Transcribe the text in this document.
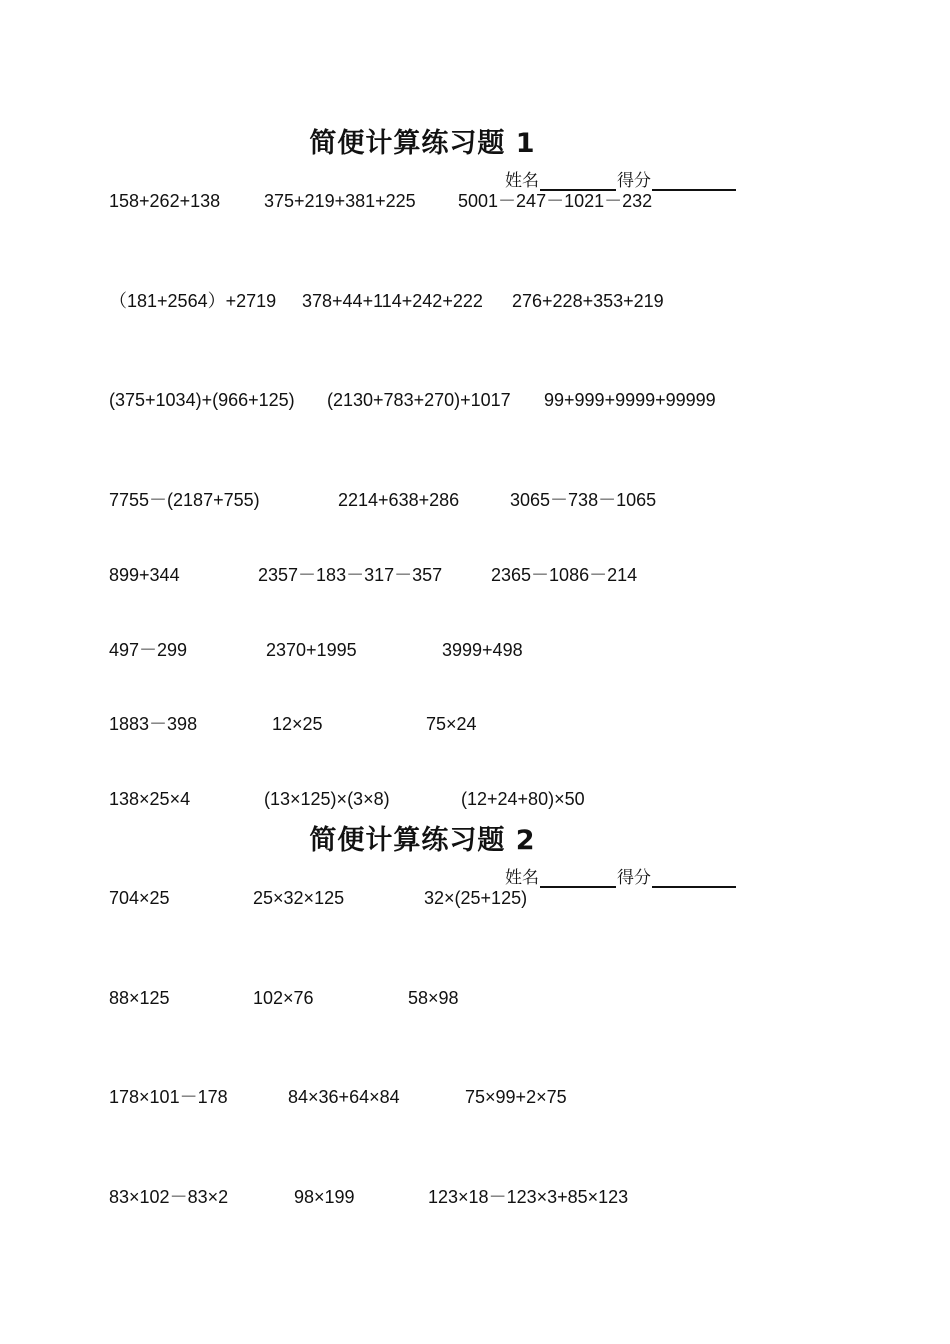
简便计算练习题 1
姓名	得分
158+262+138 375+219+381+225 5001－247－1021－232
（181+2564）+2719 378+44+114+242+222 276+228+353+219
(375+1034)+(966+125) (2130+783+270)+1017 99+999+9999+99999
7755－(2187+755)	2214+638+286	3065－738－1065
899+344	2357－183－317－357	2365－1086－214
497－299	2370+1995	3999+498
1883－398	12×25	75×24
138×25×4	(13×125)×(3×8)	(12+24+80)×50
简便计算练习题 2
姓名	得分
704×25	25×32×125	32×(25+125)
88×125	102×76	58×98
178×101－178	84×36+64×84	75×99+2×75
83×102－83×2	98×199	123×18－123×3+85×123
